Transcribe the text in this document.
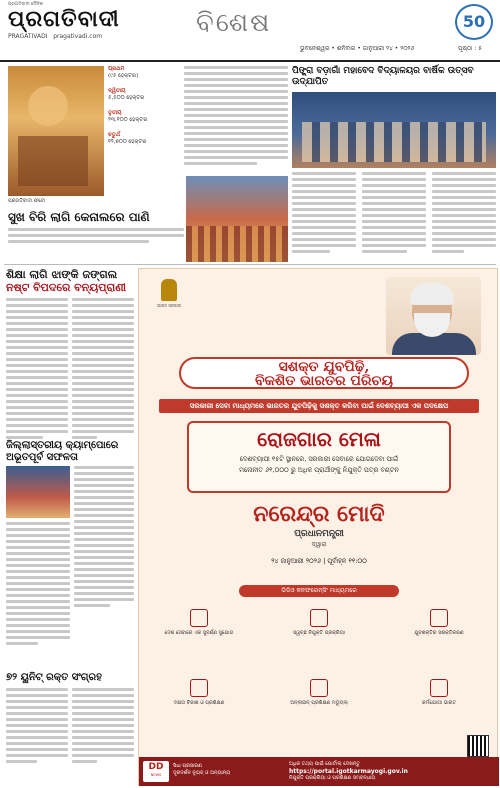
ପ୍ରଗତିବାଦୀ ଦୈନିକ
ପ୍ରଗତିବାଦୀ
PRAGATIVADI pragativadi.com	ବିଶେଷ	50
ଭୁବନେଶ୍ୱର • ଶନିବାର • ଜାନୁଆରୀ ୨୪ • ୨୦୨୬	ପୃଷ୍ଠା : ୫
ପ୍ରଗତିବାଦୀ ଫଟୋ
ପ୍ରଥମ
(୯୫ ହେକ୍ଟର)
ଦ୍ୱିତୀୟ
୫,୫୦୦ ହେକ୍ଟର
ତୃତୀୟ
୨୩,୧୦୦ ହେକ୍ଟର
ଚତୁର୍ଥ
୧୨,୭୦୦ ହେକ୍ଟର
ସୁଖ ବିରି ଲାଗି କେନାଲରେ ପାଣି
ପିଙ୍କ୍ରା ବଡ଼ାଗାଁ ମହାବେଦ ବିଦ୍ୟାଳୟର ବାର୍ଷିକ ଉତ୍ସବ ଉଦ୍ଯାପିତ
ଶିକ୍ଷା ଲାଗି ଝାଙ୍କି ଜଙ୍ଗଲ
ନଷ୍ଟ ବିପଦରେ ବନ୍ୟପ୍ରାଣୀ
ଜିଲ୍ଲାସ୍ତରୀୟ କ୍ୟାମ୍ପୋରେ
ଅଭୂତପୂର୍ବ ସଫଳତା
୭୨ ୟୁନିଟ୍ ରକ୍ତ ସଂଗ୍ରହ
ଭାରତ ସରକାର
ସଶକ୍ତ ଯୁବପିଢ଼ି,
ବିକଶିତ ଭାରତର ପରିଚୟ
ସରକାରୀ ସେବା ମାଧ୍ୟମରେ ଭାରତର ଯୁବପିଢ଼ିକୁ ସଶକ୍ତ କରିବା ପାଇଁ ଦେଶବ୍ୟାପୀ ଏକ ପଦକ୍ଷେପ
ରୋଜଗାର ମେଳା
ଦେଶବ୍ୟାପୀ ୧୫ଟି ସ୍ଥାନରେ, ସରକାରୀ ସେବାରେ ଯୋଗଦେବା ପାଇଁ
ମନୋନୀତ ୬୧,୦୦୦ ରୁ ଅଧିକ ପ୍ରାର୍ଥୀଙ୍କୁ ନିଯୁକ୍ତି ପତ୍ର ବଣ୍ଟନ
ନରେନ୍ଦ୍ର ମୋଦି
ପ୍ରଧାନମନ୍ତ୍ରୀ
ଦ୍ୱାରା
୨୪ ଜାନୁଆରୀ ୨୦୨୬ | ପୂର୍ବାହ୍ନ ୧୧:୦୦
ଭିଡିଓ କନଫରେନ୍ସିଂ ମାଧ୍ୟମରେ
ଦେଶ ସେବାରେ ଏକ ସୁବର୍ଣ୍ଣ ସୁଯୋଗ	ସ୍ୱଚ୍ଛ ନିଯୁକ୍ତି ପ୍ରକ୍ରିୟା	ଯୁବଶକ୍ତିର ସଶକ୍ତିକରଣ
ଦକ୍ଷତା ବିକାଶ ଓ ପ୍ରଶିକ୍ଷଣ	ଅନ୍ଲାଇନ୍ ପ୍ରଶିକ୍ଷଣ ମଡ୍ୟୁଲ୍	କର୍ମଯୋଗୀ ଭାରତ
DD
NEWS
ସିଧା ପ୍ରସାରଣ
ଦୂରଦର୍ଶନ ନ୍ୟୁଜ୍ ଓ ଅନ୍ୟାନ୍ୟ
ଅଧିକ ତଥ୍ୟ ପାଇଁ ପୋର୍ଟାଲ୍ ଦେଖନ୍ତୁ
https://portal.igotkarmayogi.gov.in
ନିଯୁକ୍ତି ପ୍ରକ୍ରିୟା ଓ ପ୍ରଶିକ୍ଷଣ ସମ୍ବନ୍ଧୀୟ
